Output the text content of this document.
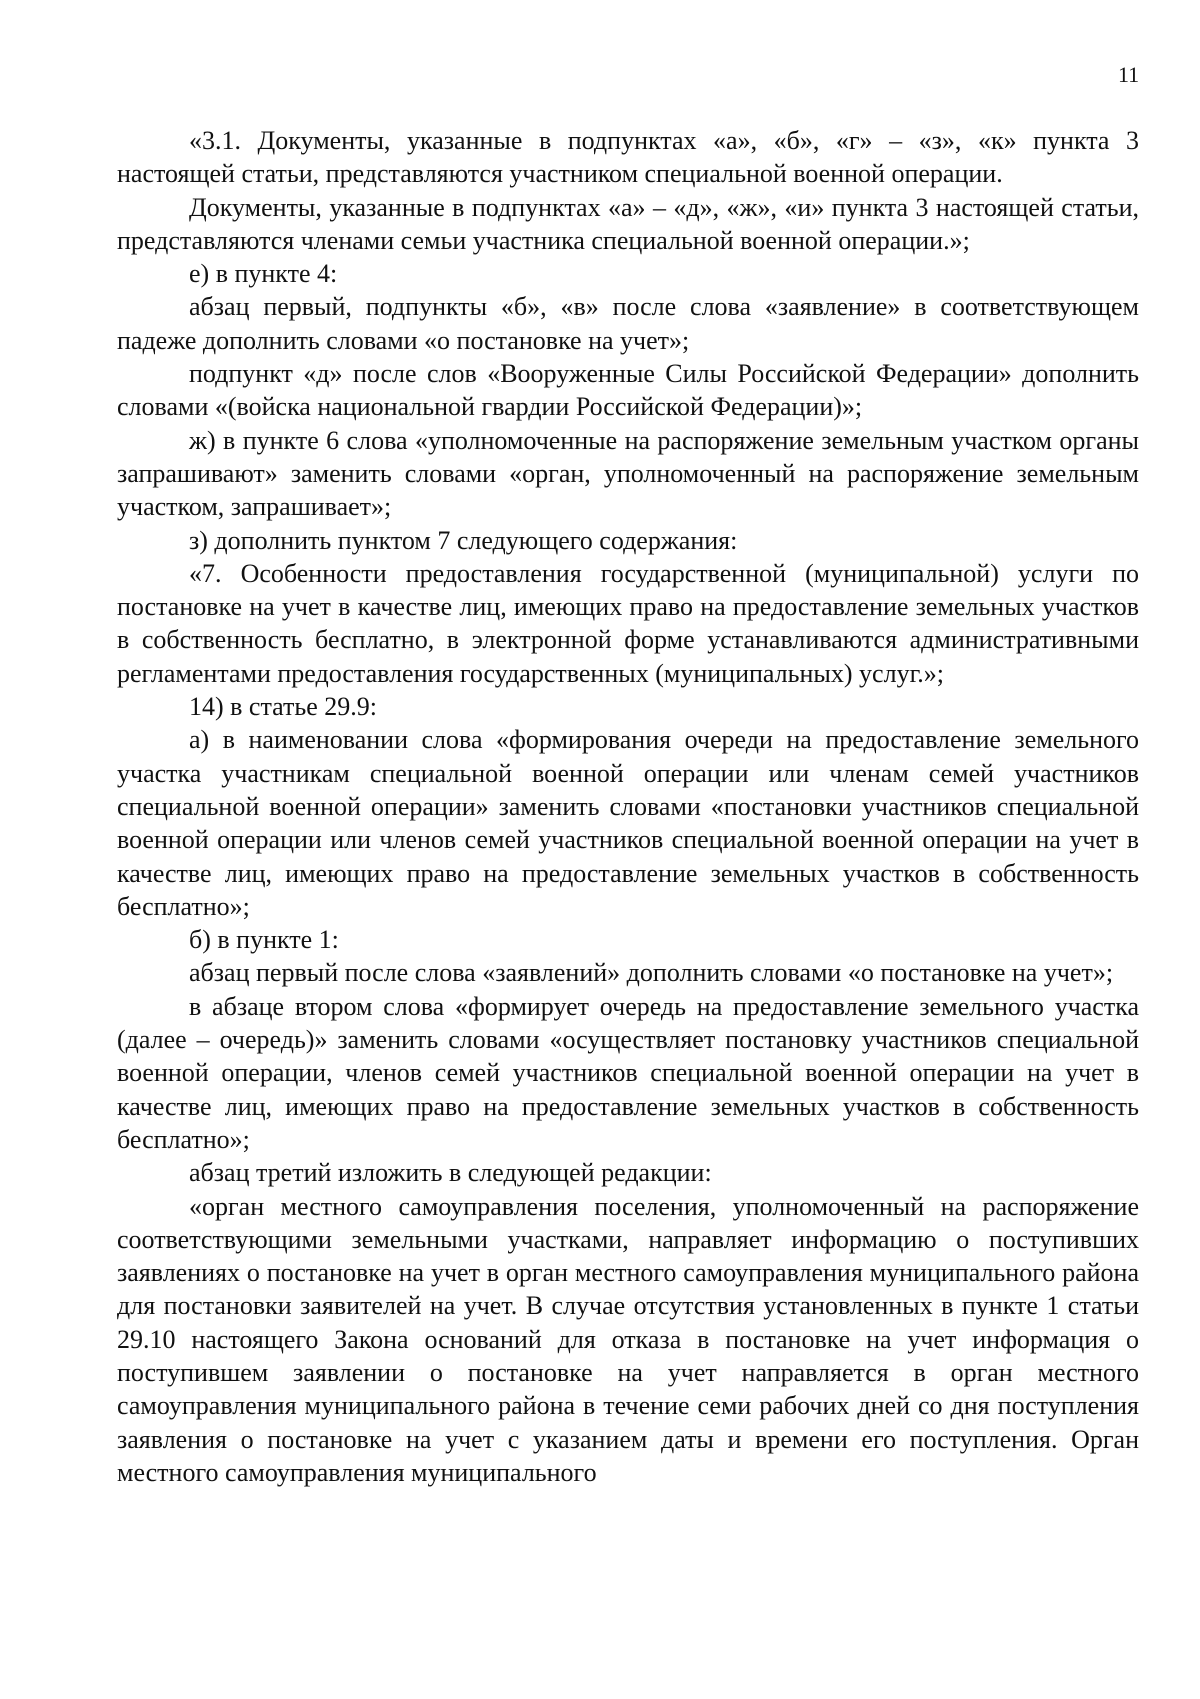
11

«3.1. Документы, указанные в подпунктах «а», «б», «г» – «з», «к» пункта 3 настоящей статьи, представляются участником специальной военной операции.

Документы, указанные в подпунктах «а» – «д», «ж», «и» пункта 3 настоящей статьи, представляются членами семьи участника специальной военной операции.»;

е) в пункте 4:

абзац первый, подпункты «б», «в» после слова «заявление» в соответствующем падеже дополнить словами «о постановке на учет»;

подпункт «д» после слов «Вооруженные Силы Российской Федерации» дополнить словами «(войска национальной гвардии Российской Федерации)»;

ж) в пункте 6 слова «уполномоченные на распоряжение земельным участком органы запрашивают» заменить словами «орган, уполномоченный на распоряжение земельным участком, запрашивает»;

з) дополнить пунктом 7 следующего содержания:

«7. Особенности предоставления государственной (муниципальной) услуги по постановке на учет в качестве лиц, имеющих право на предоставление земельных участков в собственность бесплатно, в электронной форме устанавливаются административными регламентами предоставления государственных (муниципальных) услуг.»;

14) в статье 29.9:

а) в наименовании слова «формирования очереди на предоставление земельного участка участникам специальной военной операции или членам семей участников специальной военной операции» заменить словами «постановки участников специальной военной операции или членов семей участников специальной военной операции на учет в качестве лиц, имеющих право на предоставление земельных участков в собственность бесплатно»;

б) в пункте 1:

абзац первый после слова «заявлений» дополнить словами «о постановке на учет»;

в абзаце втором слова «формирует очередь на предоставление земельного участка (далее – очередь)» заменить словами «осуществляет постановку участников специальной военной операции, членов семей участников специальной военной операции на учет в качестве лиц, имеющих право на предоставление земельных участков в собственность бесплатно»;

абзац третий изложить в следующей редакции:

«орган местного самоуправления поселения, уполномоченный на распоряжение соответствующими земельными участками, направляет информацию о поступивших заявлениях о постановке на учет в орган местного самоуправления муниципального района для постановки заявителей на учет. В случае отсутствия установленных в пункте 1 статьи 29.10 настоящего Закона оснований для отказа в постановке на учет информация о поступившем заявлении о постановке на учет направляется в орган местного самоуправления муниципального района в течение семи рабочих дней со дня поступления заявления о постановке на учет с указанием даты и времени его поступления. Орган местного самоуправления муниципального
